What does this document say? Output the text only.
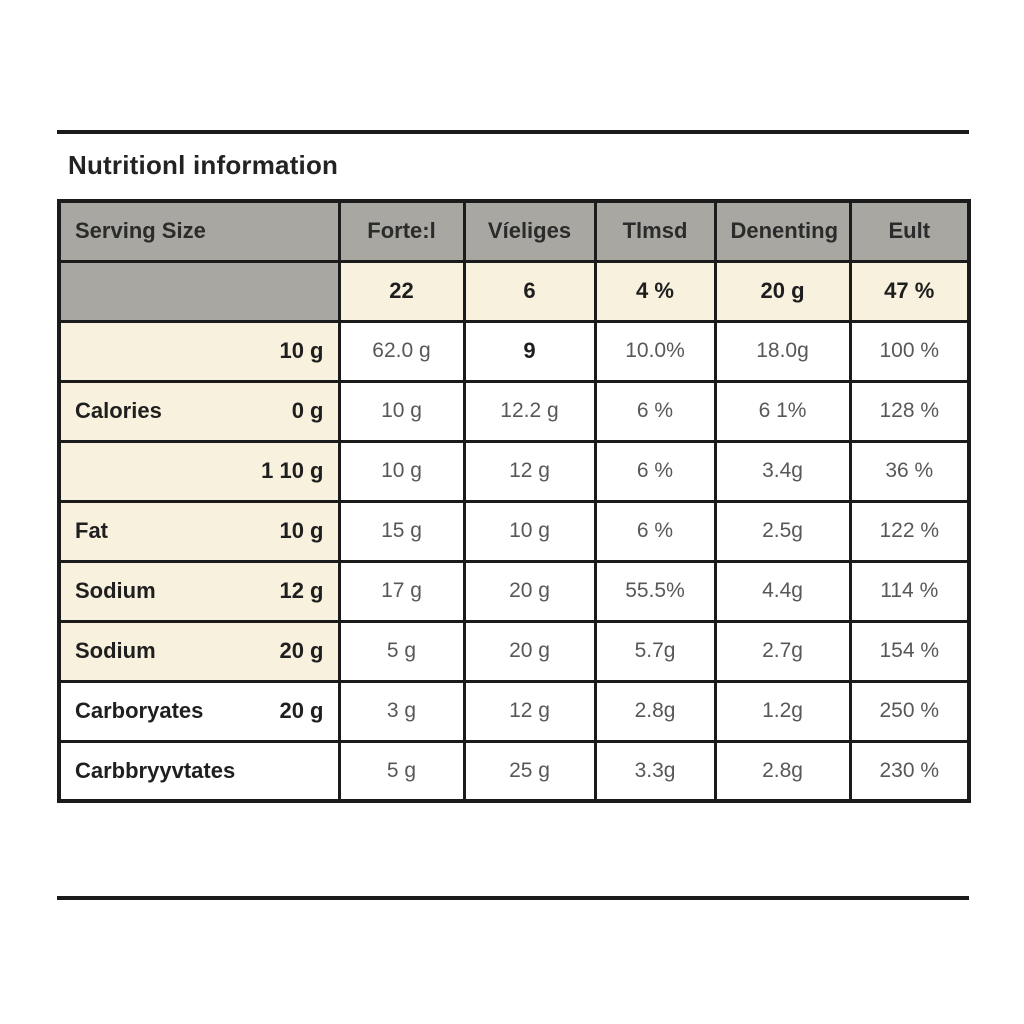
Nutritionl information
Serving Size	Forte:l	Víeliges	Tlmsd	Denenting	Eult

	22	6	4 %	20 g	47 %

10 g	62.0 g	9	10.0%	18.0g	100 %

Calories 0 g	10 g	12.2 g	6 %	6 1%	128 %

1 10 g	10 g	12 g	6 %	3.4g	36 %

Fat 10 g	15 g	10 g	6 %	2.5g	122 %

Sodium 12 g	17 g	20 g	55.5%	4.4g	114 %

Sodium 20 g	5 g	20 g	5.7g	2.7g	154 %

Carboryates 20 g	3 g	12 g	2.8g	1.2g	250 %

Carbbryyvtates	5 g	25 g	3.3g	2.8g	230 %
